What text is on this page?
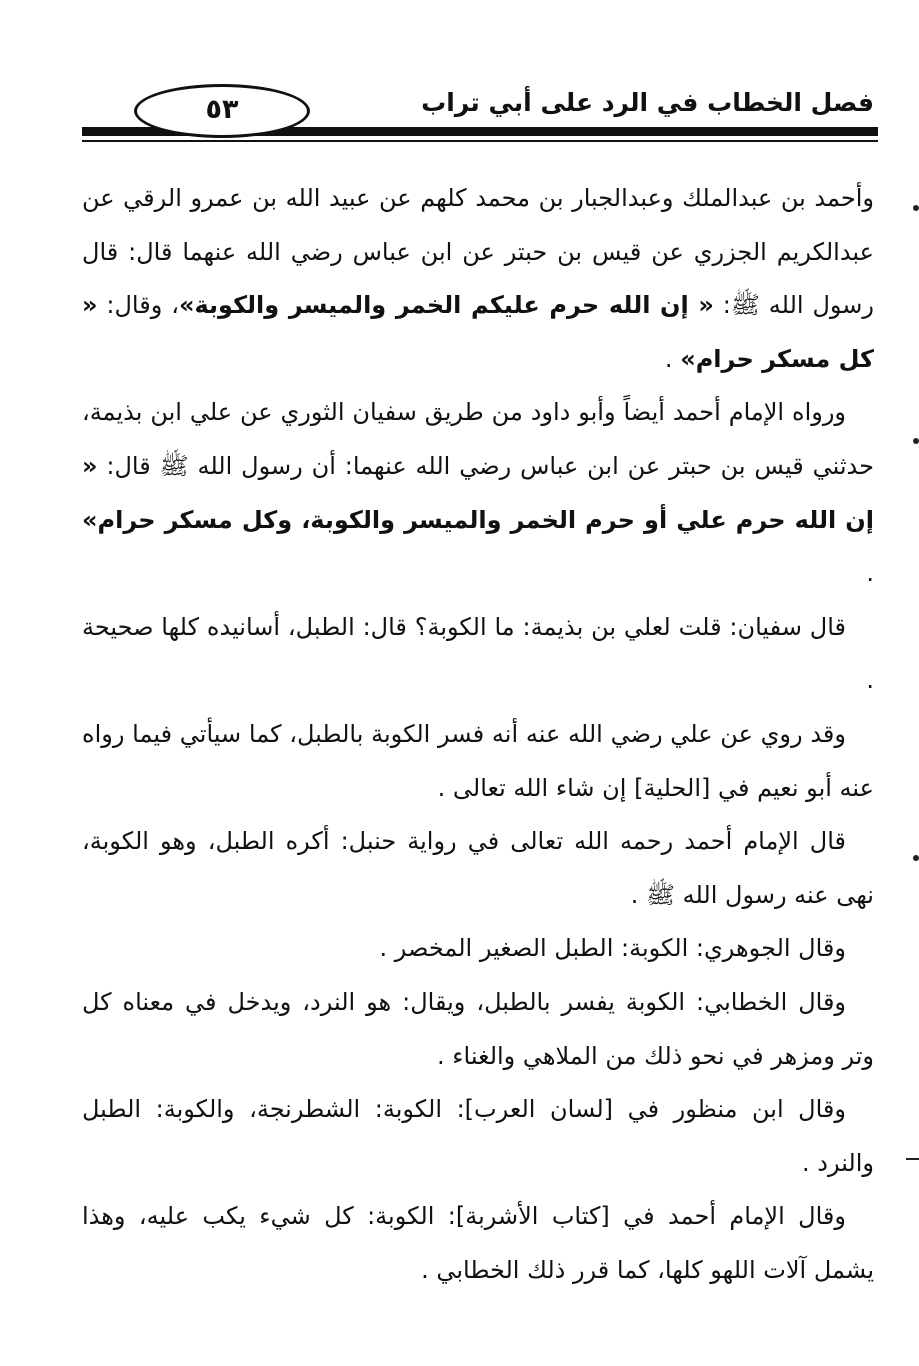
فصل الخطاب في الرد على أبي تراب
٥٣

وأحمد بن عبدالملك وعبدالجبار بن محمد كلهم عن عبيد الله بن عمرو الرقي عن عبدالكريم الجزري عن قيس بن حبتر عن ابن عباس رضي الله عنهما قال: قال رسول الله ﷺ: « إن الله حرم عليكم الخمر والميسر والكوبة»، وقال: « كل مسكر حرام» .

ورواه الإمام أحمد أيضاً وأبو داود من طريق سفيان الثوري عن علي ابن بذيمة، حدثني قيس بن حبتر عن ابن عباس رضي الله عنهما: أن رسول الله ﷺ قال: « إن الله حرم علي أو حرم الخمر والميسر والكوبة، وكل مسكر حرام» .

قال سفيان: قلت لعلي بن بذيمة: ما الكوبة؟ قال: الطبل، أسانيده كلها صحيحة .

وقد روي عن علي رضي الله عنه أنه فسر الكوبة بالطبل، كما سيأتي فيما رواه عنه أبو نعيم في [الحلية] إن شاء الله تعالى .

قال الإمام أحمد رحمه الله تعالى في رواية حنبل: أكره الطبل، وهو الكوبة، نهى عنه رسول الله ﷺ .

وقال الجوهري: الكوبة: الطبل الصغير المخصر .

وقال الخطابي: الكوبة يفسر بالطبل، ويقال: هو النرد، ويدخل في معناه كل وتر ومزهر في نحو ذلك من الملاهي والغناء .

وقال ابن منظور في [لسان العرب]: الكوبة: الشطرنجة، والكوبة: الطبل والنرد .

وقال الإمام أحمد في [كتاب الأشربة]: الكوبة: كل شيء يكب عليه، وهذا يشمل آلات اللهو كلها، كما قرر ذلك الخطابي .
